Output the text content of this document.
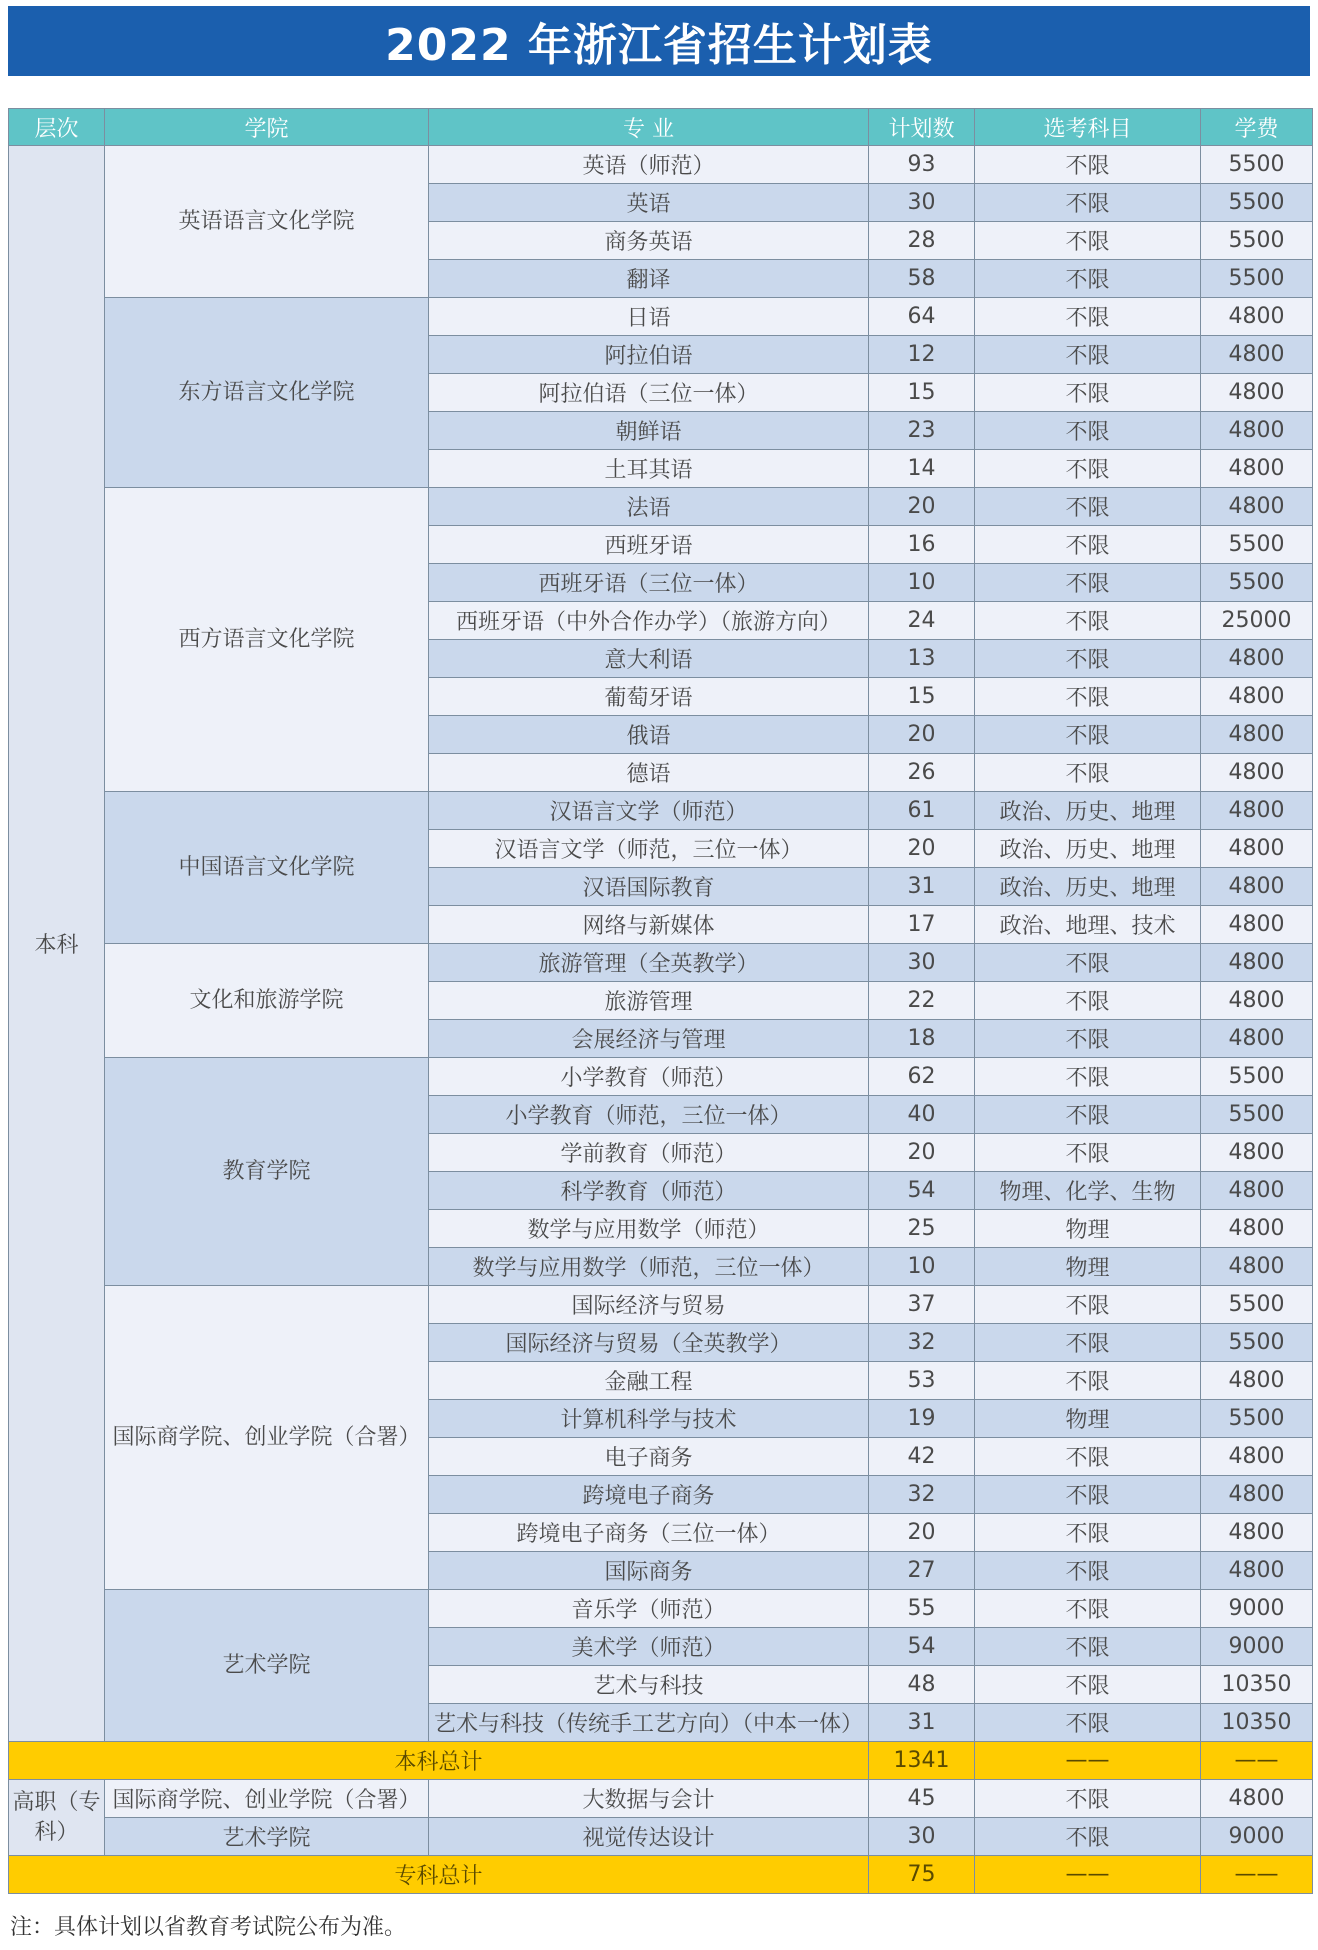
2022 年浙江省招生计划表
层次	学院	专 业	计划数	选考科目	学费
本科	英语语言文化学院	英语（师范）	93	不限	5500
		英语	30	不限	5500
		商务英语	28	不限	5500
		翻译	58	不限	5500
	东方语言文化学院	日语	64	不限	4800
		阿拉伯语	12	不限	4800
		阿拉伯语（三位一体）	15	不限	4800
		朝鲜语	23	不限	4800
		土耳其语	14	不限	4800
	西方语言文化学院	法语	20	不限	4800
		西班牙语	16	不限	5500
		西班牙语（三位一体）	10	不限	5500
		西班牙语（中外合作办学）（旅游方向）	24	不限	25000
		意大利语	13	不限	4800
		葡萄牙语	15	不限	4800
		俄语	20	不限	4800
		德语	26	不限	4800
	中国语言文化学院	汉语言文学（师范）	61	政治、历史、地理	4800
		汉语言文学（师范，三位一体）	20	政治、历史、地理	4800
		汉语国际教育	31	政治、历史、地理	4800
		网络与新媒体	17	政治、地理、技术	4800
	文化和旅游学院	旅游管理（全英教学）	30	不限	4800
		旅游管理	22	不限	4800
		会展经济与管理	18	不限	4800
	教育学院	小学教育（师范）	62	不限	5500
		小学教育（师范，三位一体）	40	不限	5500
		学前教育（师范）	20	不限	4800
		科学教育（师范）	54	物理、化学、生物	4800
		数学与应用数学（师范）	25	物理	4800
		数学与应用数学（师范，三位一体）	10	物理	4800
	国际商学院、创业学院（合署）	国际经济与贸易	37	不限	5500
		国际经济与贸易（全英教学）	32	不限	5500
		金融工程	53	不限	4800
		计算机科学与技术	19	物理	5500
		电子商务	42	不限	4800
		跨境电子商务	32	不限	4800
		跨境电子商务（三位一体）	20	不限	4800
		国际商务	27	不限	4800
	艺术学院	音乐学（师范）	55	不限	9000
		美术学（师范）	54	不限	9000
		艺术与科技	48	不限	10350
		艺术与科技（传统手工艺方向）（中本一体）	31	不限	10350
本科总计			1341	——	——
高职（专科）	国际商学院、创业学院（合署）	大数据与会计	45	不限	4800
	艺术学院	视觉传达设计	30	不限	9000
专科总计			75	——	——
注：具体计划以省教育考试院公布为准。
